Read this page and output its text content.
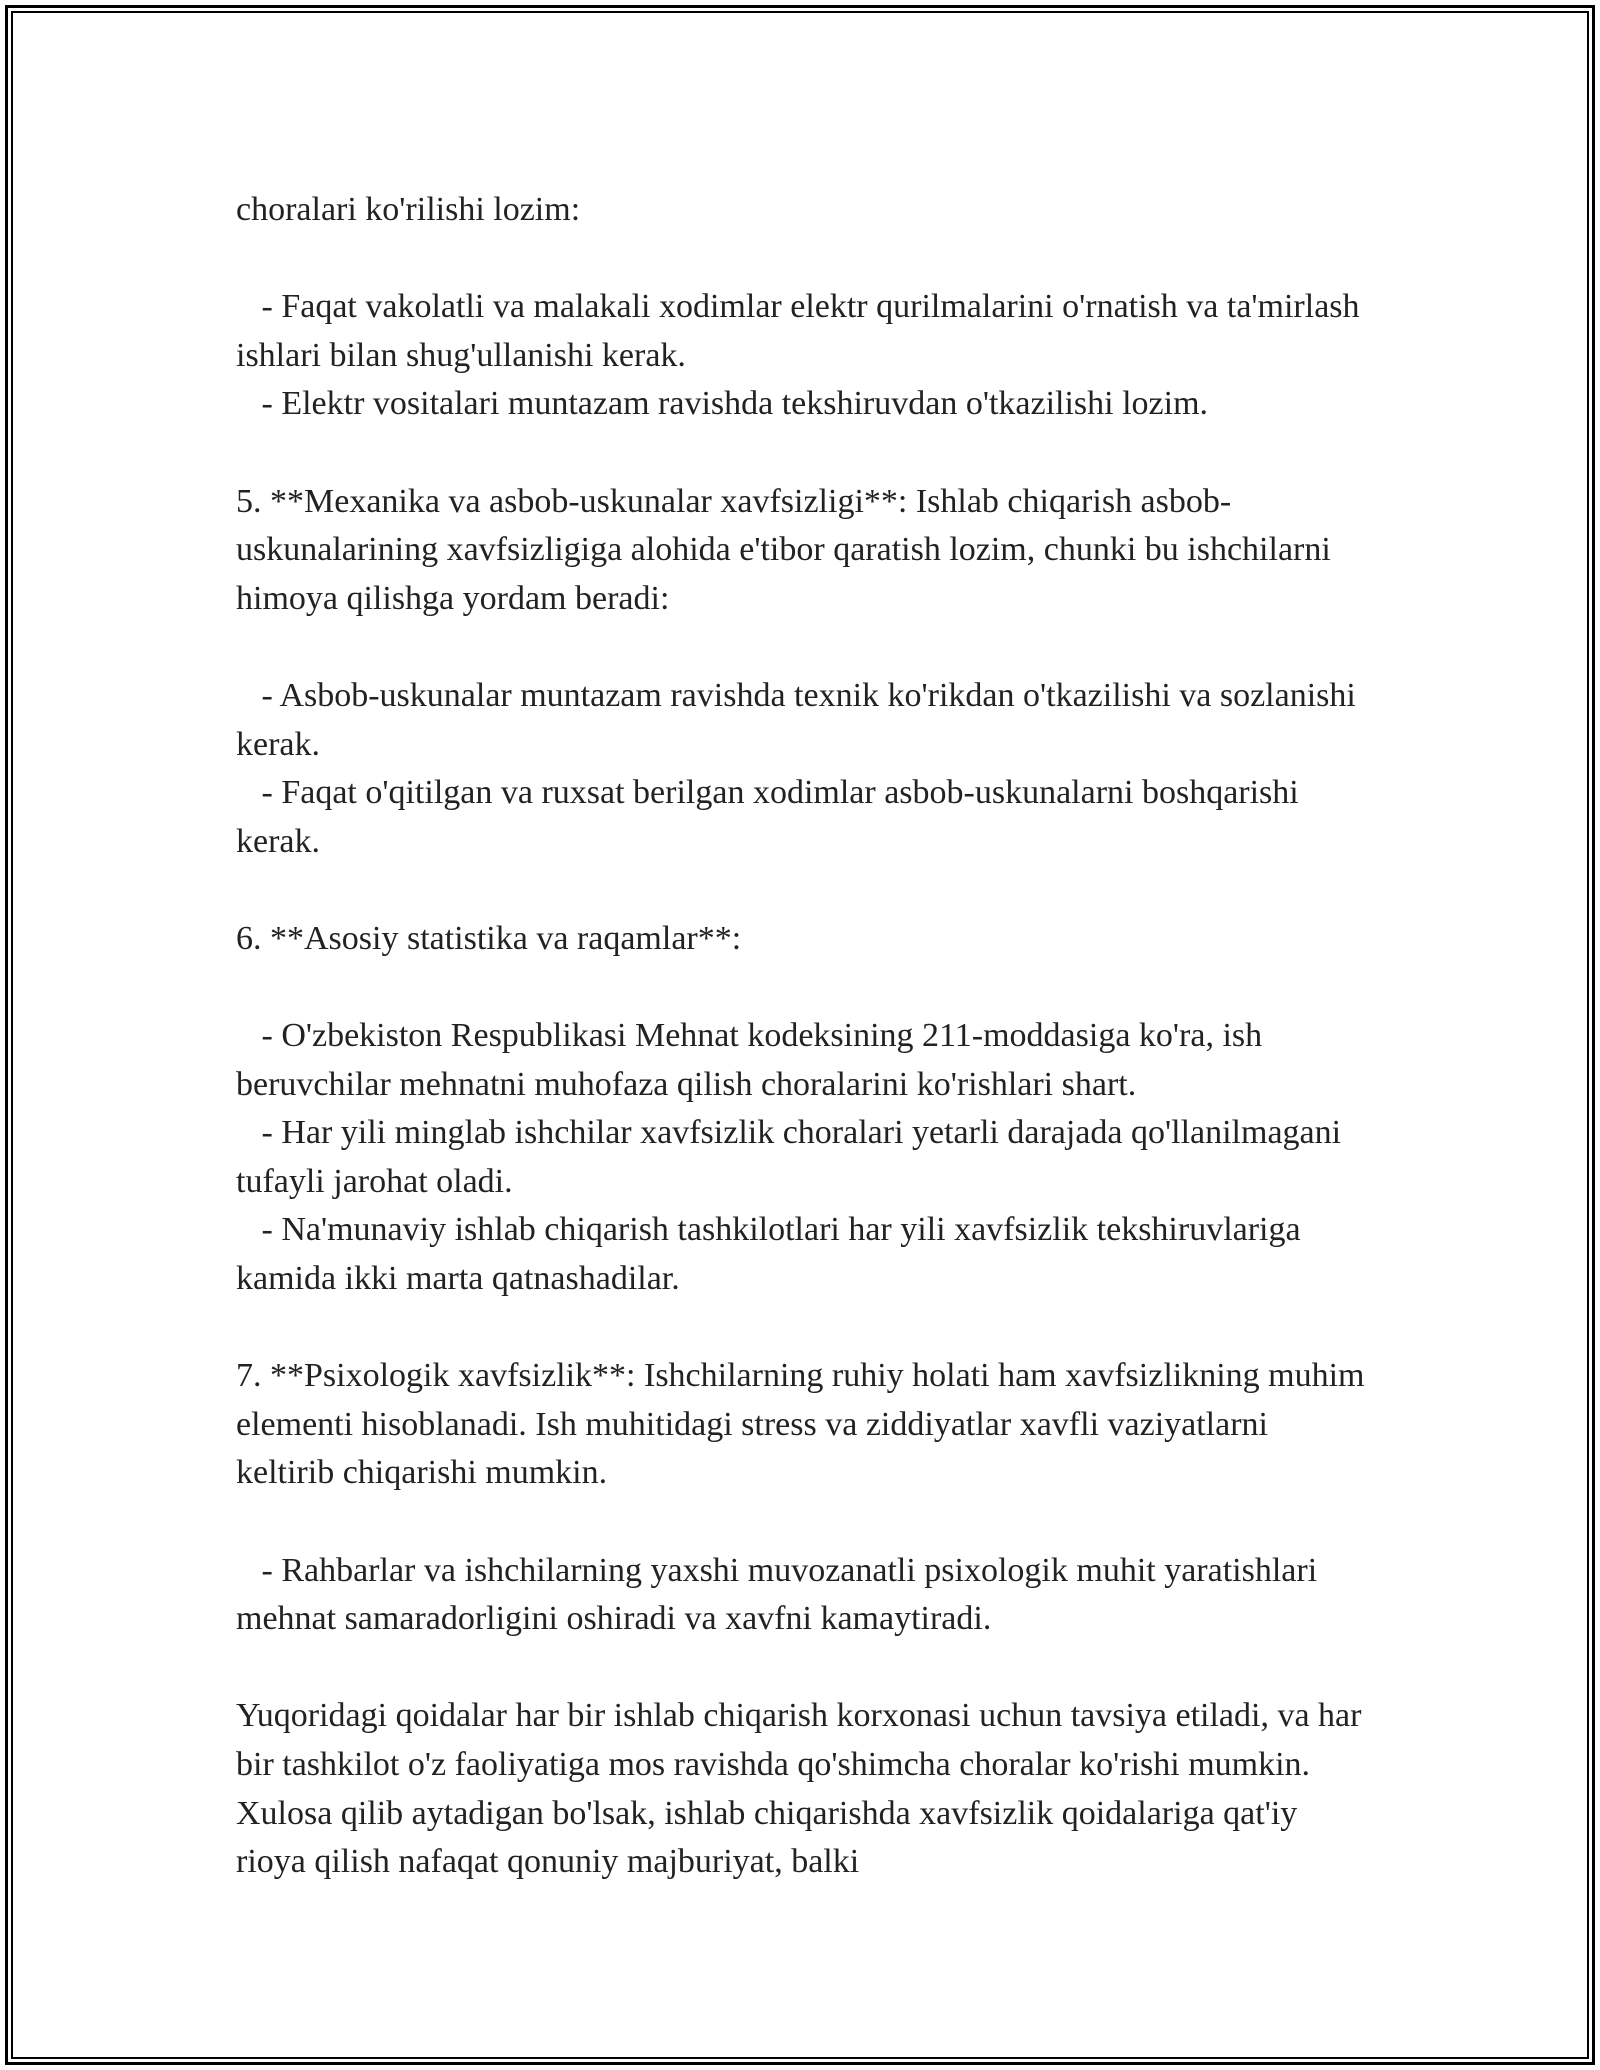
choralari ko'rilishi lozim:

- Faqat vakolatli va malakali xodimlar elektr qurilmalarini o'rnatish va ta'mirlash ishlari bilan shug'ullanishi kerak.

- Elektr vositalari muntazam ravishda tekshiruvdan o'tkazilishi lozim.

5. **Mexanika va asbob-uskunalar xavfsizligi**: Ishlab chiqarish asbob-uskunalarining xavfsizligiga alohida e'tibor qaratish lozim, chunki bu ishchilarni himoya qilishga yordam beradi:

- Asbob-uskunalar muntazam ravishda texnik ko'rikdan o'tkazilishi va sozlanishi kerak.

- Faqat o'qitilgan va ruxsat berilgan xodimlar asbob-uskunalarni boshqarishi kerak.

6. **Asosiy statistika va raqamlar**:

- O'zbekiston Respublikasi Mehnat kodeksining 211-moddasiga ko'ra, ish beruvchilar mehnatni muhofaza qilish choralarini ko'rishlari shart.

- Har yili minglab ishchilar xavfsizlik choralari yetarli darajada qo'llanilmagani tufayli jarohat oladi.

- Na'munaviy ishlab chiqarish tashkilotlari har yili xavfsizlik tekshiruvlariga kamida ikki marta qatnashadilar.

7. **Psixologik xavfsizlik**: Ishchilarning ruhiy holati ham xavfsizlikning muhim elementi hisoblanadi. Ish muhitidagi stress va ziddiyatlar xavfli vaziyatlarni keltirib chiqarishi mumkin.

- Rahbarlar va ishchilarning yaxshi muvozanatli psixologik muhit yaratishlari mehnat samaradorligini oshiradi va xavfni kamaytiradi.

Yuqoridagi qoidalar har bir ishlab chiqarish korxonasi uchun tavsiya etiladi, va har bir tashkilot o'z faoliyatiga mos ravishda qo'shimcha choralar ko'rishi mumkin. Xulosa qilib aytadigan bo'lsak, ishlab chiqarishda xavfsizlik qoidalariga qat'iy rioya qilish nafaqat qonuniy majburiyat, balki
